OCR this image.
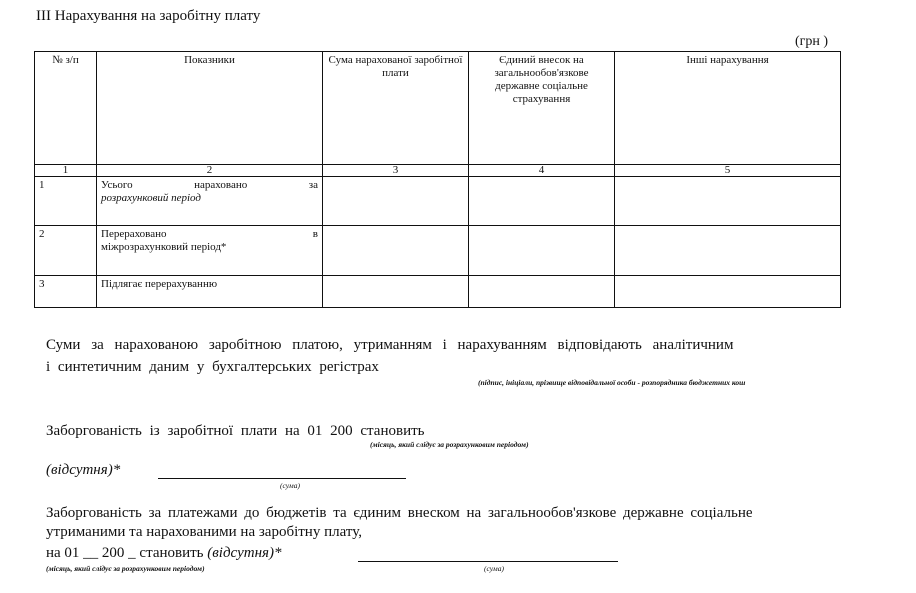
III Нарахування на заробітну плату
(грн )
№ з/п	Показники	Сума нарахованої заробітної плати	Єдиний внесок на загальнообов'язкове державне соціальне страхування	Інші нарахування
1	2	3	4	5
1	Усього нараховано за
розрахунковий період			

2	Перераховано в
міжрозрахунковий період*			

3	Підлягає перерахуванню			
Суми за нарахованою заробітною платою, утриманням і нарахуванням відповідають аналітичним
і синтетичним даним у бухгалтерських регістрах
(підпис, ініціали, прізвище відповідальної особи - розпорядника бюджетних кош
Заборгованість із заробітної плати на 01 200 становить
(місяць, який слідує за розрахунковим періодом)
(відсутня)*
(сума)
Заборгованість за платежами до бюджетів та єдиним внеском на загальнообов'язкове державне соціальне
утриманими та нарахованими на заробітну плату,
на 01 __ 200 _ становить (відсутня)*
(місяць, який слідує за розрахунковим періодом)	(сума)
